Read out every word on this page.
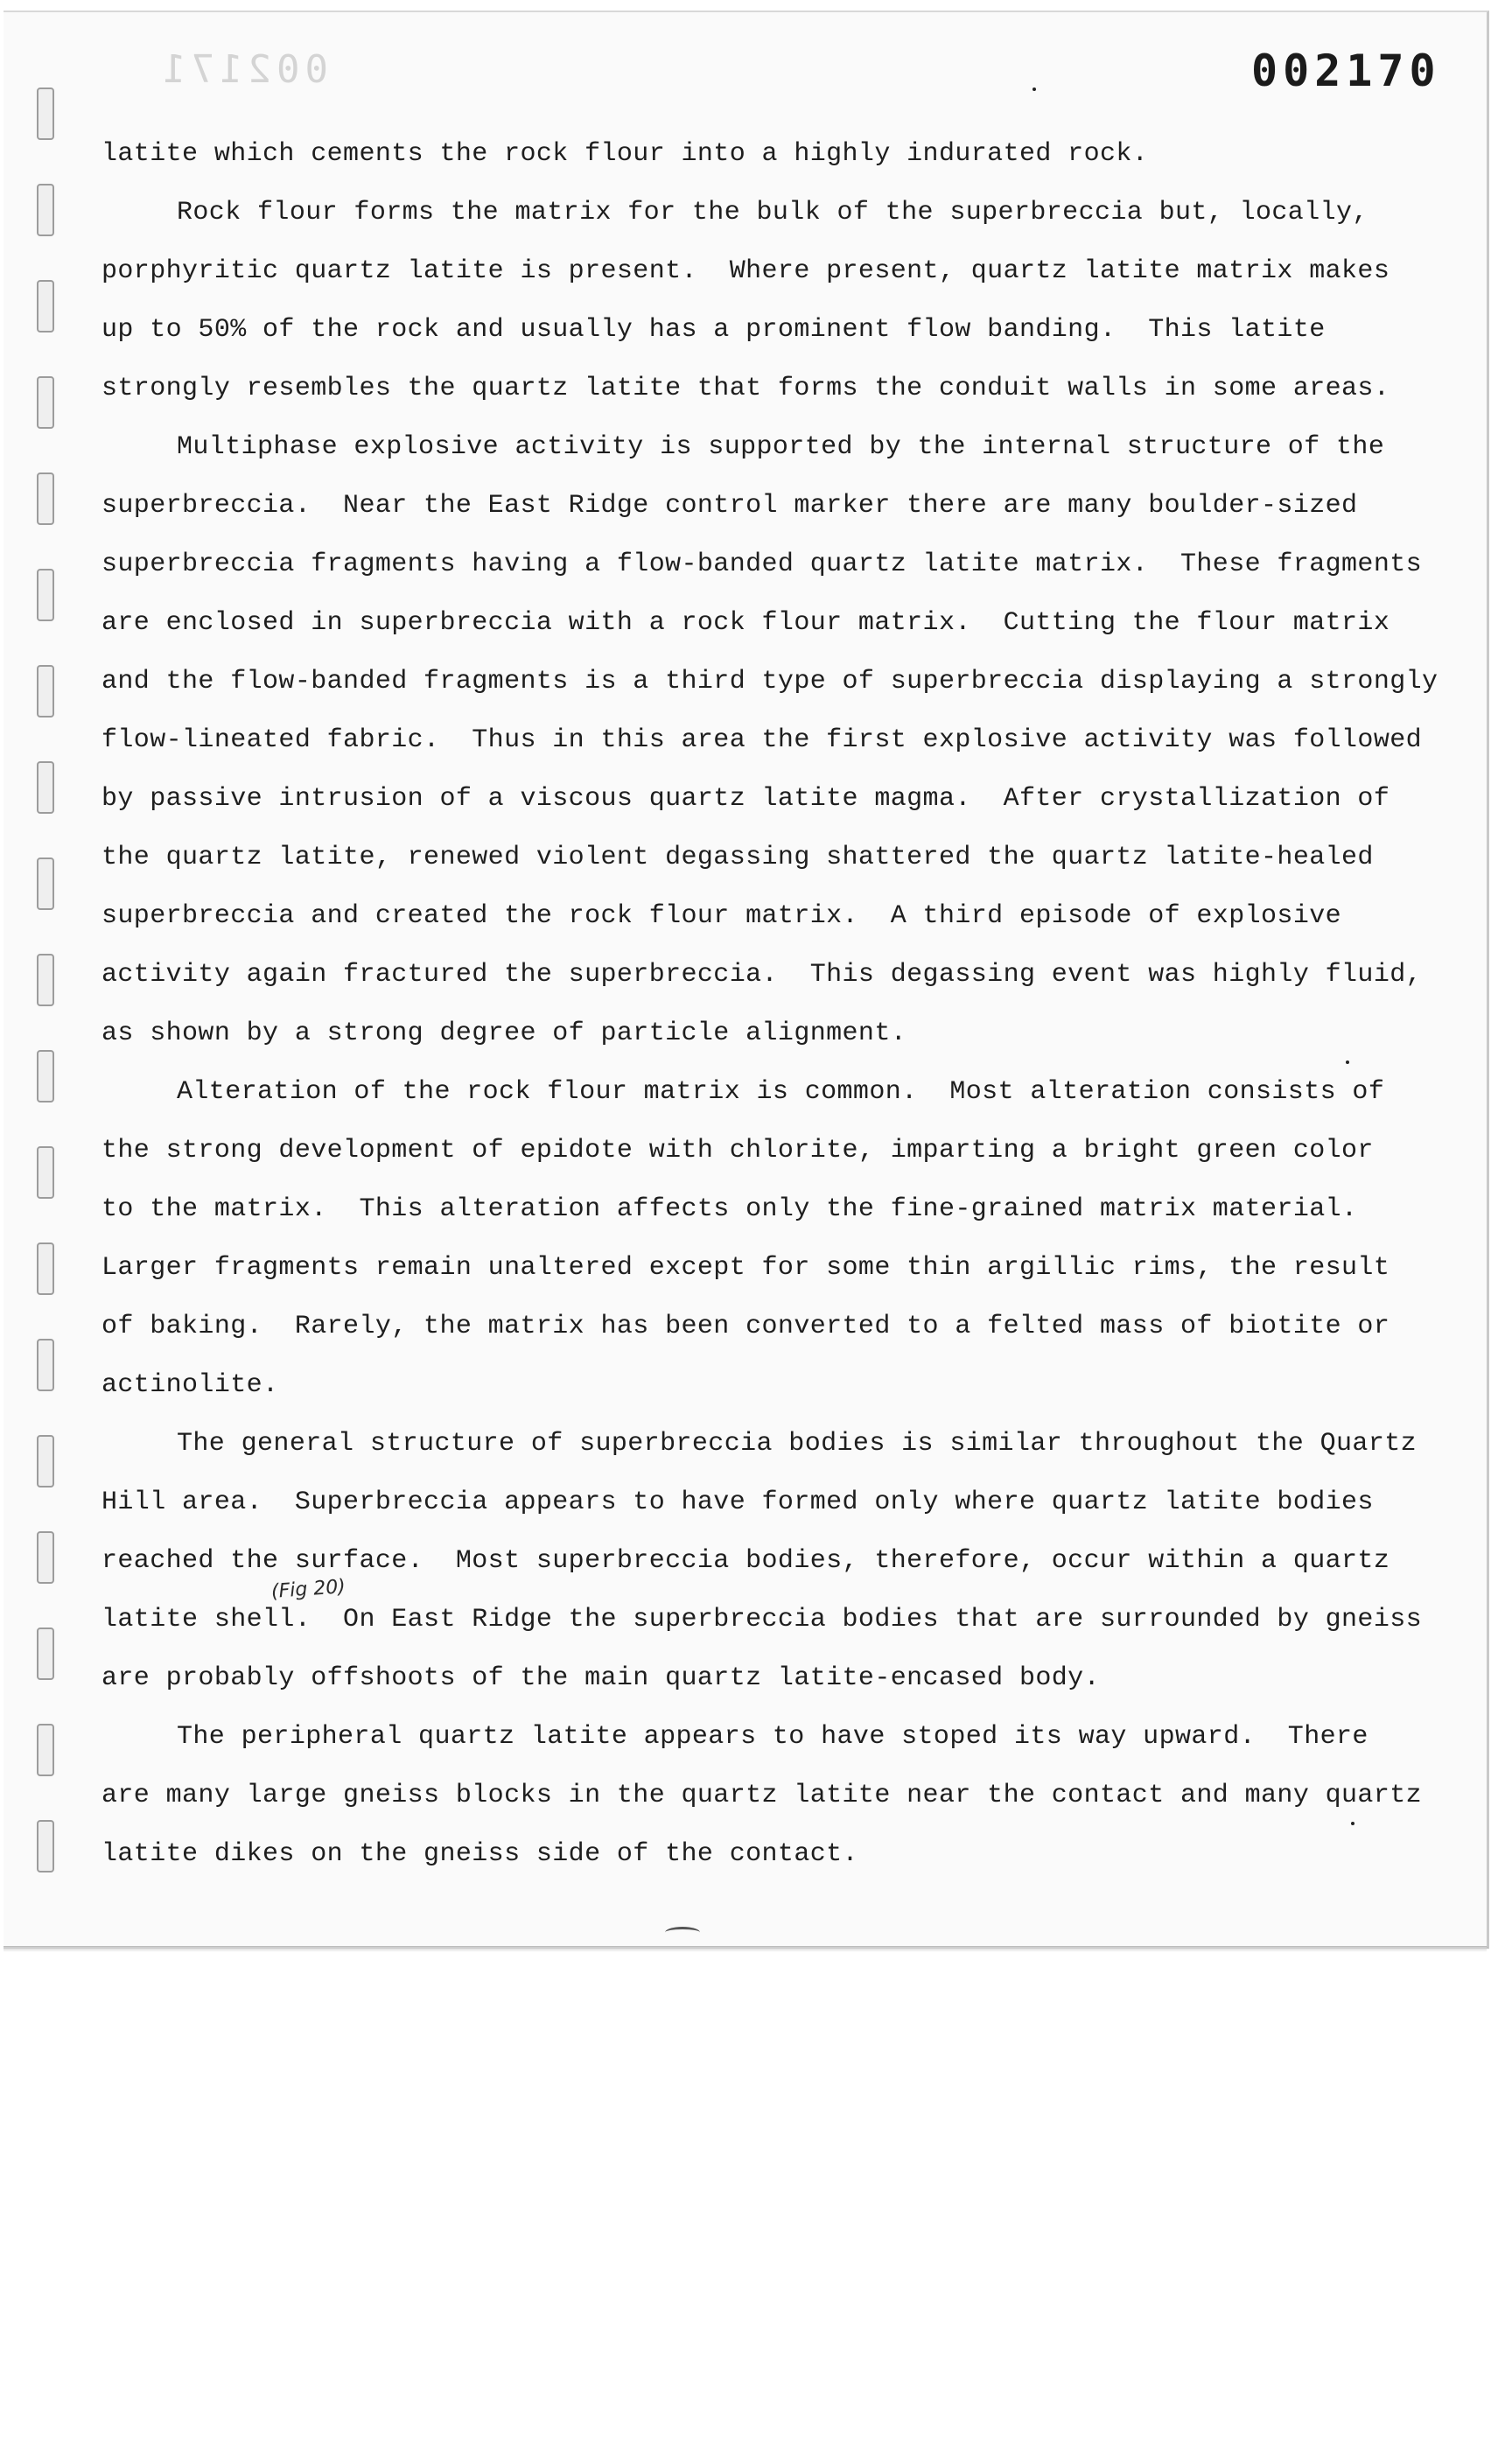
002171	002170
latite which cements the rock flour into a highly indurated rock.
Rock flour forms the matrix for the bulk of the superbreccia but, locally,
porphyritic quartz latite is present.  Where present, quartz latite matrix makes
up to 50% of the rock and usually has a prominent flow banding.  This latite
strongly resembles the quartz latite that forms the conduit walls in some areas.
Multiphase explosive activity is supported by the internal structure of the
superbreccia.  Near the East Ridge control marker there are many boulder-sized
superbreccia fragments having a flow-banded quartz latite matrix.  These fragments
are enclosed in superbreccia with a rock flour matrix.  Cutting the flour matrix
and the flow-banded fragments is a third type of superbreccia displaying a strongly
flow-lineated fabric.  Thus in this area the first explosive activity was followed
by passive intrusion of a viscous quartz latite magma.  After crystallization of
the quartz latite, renewed violent degassing shattered the quartz latite-healed
superbreccia and created the rock flour matrix.  A third episode of explosive
activity again fractured the superbreccia.  This degassing event was highly fluid,
as shown by a strong degree of particle alignment.
Alteration of the rock flour matrix is common.  Most alteration consists of
the strong development of epidote with chlorite, imparting a bright green color
to the matrix.  This alteration affects only the fine-grained matrix material.
Larger fragments remain unaltered except for some thin argillic rims, the result
of baking.  Rarely, the matrix has been converted to a felted mass of biotite or
actinolite.
The general structure of superbreccia bodies is similar throughout the Quartz
Hill area.  Superbreccia appears to have formed only where quartz latite bodies
reached the surface.  Most superbreccia bodies, therefore, occur within a quartz
latite shell.  On East Ridge the superbreccia bodies that are surrounded by gneiss
are probably offshoots of the main quartz latite-encased body.
The peripheral quartz latite appears to have stoped its way upward.  There
are many large gneiss blocks in the quartz latite near the contact and many quartz
latite dikes on the gneiss side of the contact.
(Fig 20)
